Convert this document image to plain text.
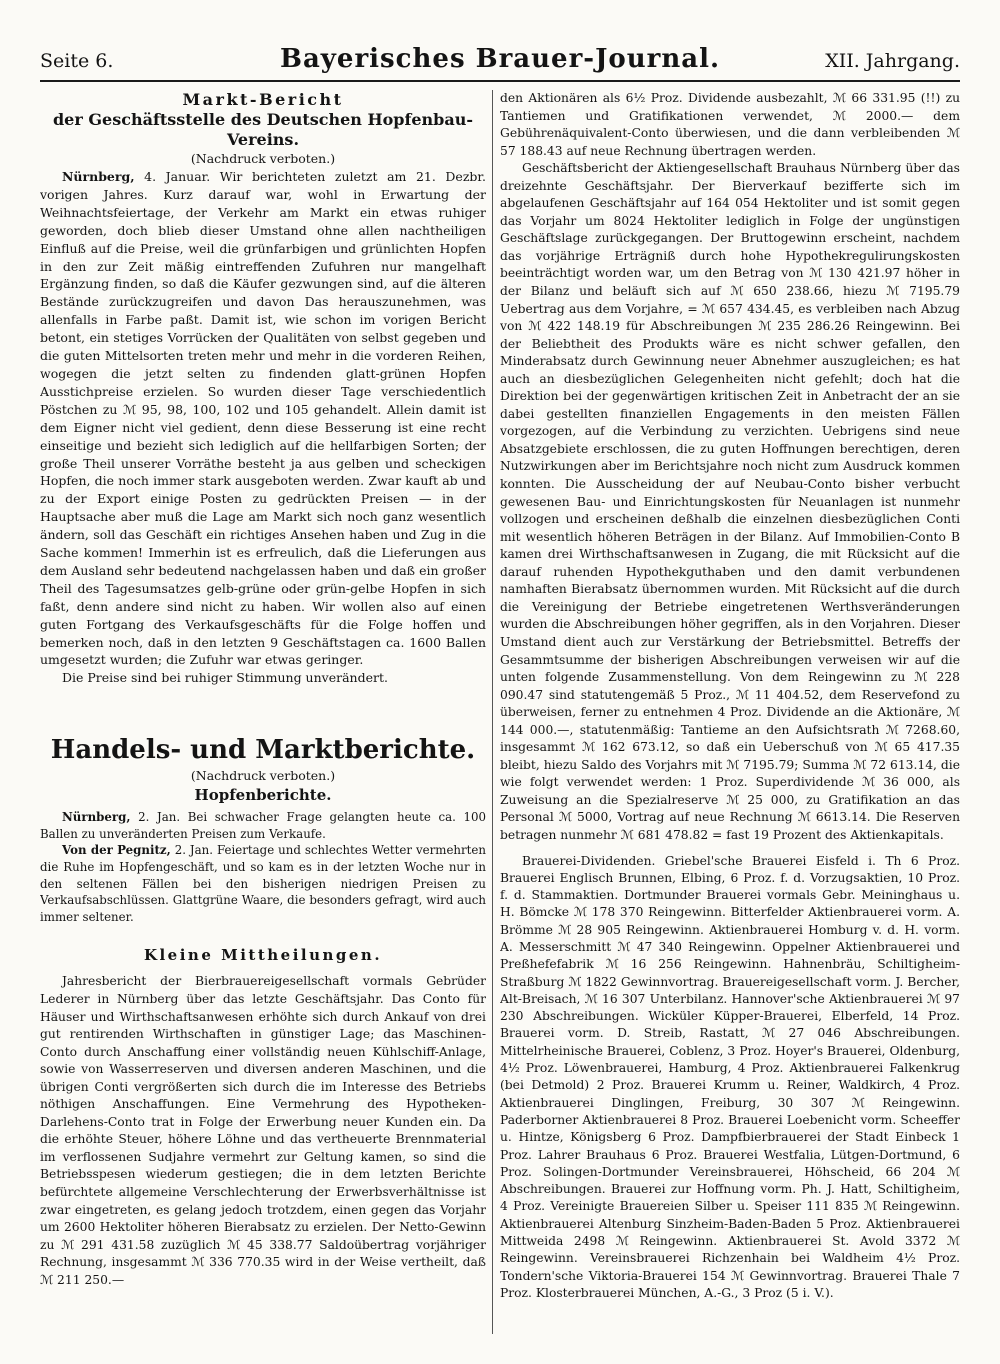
Seite 6.	Bayerisches Brauer-Journal.	XII. Jahrgang.
Markt-Bericht
der Geschäftsstelle des Deutschen Hopfenbau-Vereins.
(Nachdruck verboten.)

Nürnberg, 4. Januar. Wir berichteten zuletzt am 21. Dezbr. vorigen Jahres. Kurz darauf war, wohl in Erwartung der Weihnachtsfeiertage, der Verkehr am Markt ein etwas ruhiger geworden, doch blieb dieser Umstand ohne allen nachtheiligen Einfluß auf die Preise, weil die grünfarbigen und grünlichten Hopfen in den zur Zeit mäßig eintreffenden Zufuhren nur mangelhaft Ergänzung finden, so daß die Käufer gezwungen sind, auf die älteren Bestände zurückzugreifen und davon Das herauszunehmen, was allenfalls in Farbe paßt. Damit ist, wie schon im vorigen Bericht betont, ein stetiges Vorrücken der Qualitäten von selbst gegeben und die guten Mittelsorten treten mehr und mehr in die vorderen Reihen, wogegen die jetzt selten zu findenden glatt-grünen Hopfen Ausstichpreise erzielen. So wurden dieser Tage verschiedentlich Pöstchen zu ℳ 95, 98, 100, 102 und 105 gehandelt. Allein damit ist dem Eigner nicht viel gedient, denn diese Besserung ist eine recht einseitige und bezieht sich lediglich auf die hellfarbigen Sorten; der große Theil unserer Vorräthe besteht ja aus gelben und scheckigen Hopfen, die noch immer stark ausgeboten werden. Zwar kauft ab und zu der Export einige Posten zu gedrückten Preisen — in der Hauptsache aber muß die Lage am Markt sich noch ganz wesentlich ändern, soll das Geschäft ein richtiges Ansehen haben und Zug in die Sache kommen! Immerhin ist es erfreulich, daß die Lieferungen aus dem Ausland sehr bedeutend nachgelassen haben und daß ein großer Theil des Tagesumsatzes gelb-grüne oder grün-gelbe Hopfen in sich faßt, denn andere sind nicht zu haben. Wir wollen also auf einen guten Fortgang des Verkaufsgeschäfts für die Folge hoffen und bemerken noch, daß in den letzten 9 Geschäftstagen ca. 1600 Ballen umgesetzt wurden; die Zufuhr war etwas geringer.

Die Preise sind bei ruhiger Stimmung unverändert.

Handels- und Marktberichte.
(Nachdruck verboten.)
Hopfenberichte.

Nürnberg, 2. Jan. Bei schwacher Frage gelangten heute ca. 100 Ballen zu unveränderten Preisen zum Verkaufe.

Von der Pegnitz, 2. Jan. Feiertage und schlechtes Wetter vermehrten die Ruhe im Hopfengeschäft, und so kam es in der letzten Woche nur in den seltenen Fällen bei den bisherigen niedrigen Preisen zu Verkaufsabschlüssen. Glattgrüne Waare, die besonders gefragt, wird auch immer seltener.

Kleine Mittheilungen.

Jahresbericht der Bierbrauereigesellschaft vormals Gebrüder Lederer in Nürnberg über das letzte Geschäftsjahr. Das Conto für Häuser und Wirthschaftsanwesen erhöhte sich durch Ankauf von drei gut rentirenden Wirthschaften in günstiger Lage; das Maschinen-Conto durch Anschaffung einer vollständig neuen Kühlschiff-Anlage, sowie von Wasserreserven und diversen anderen Maschinen, und die übrigen Conti vergrößerten sich durch die im Interesse des Betriebs nöthigen Anschaffungen. Eine Vermehrung des Hypotheken-Darlehens-Conto trat in Folge der Erwerbung neuer Kunden ein. Da die erhöhte Steuer, höhere Löhne und das vertheuerte Brennmaterial im verflossenen Sudjahre vermehrt zur Geltung kamen, so sind die Betriebsspesen wiederum gestiegen; die in dem letzten Berichte befürchtete allgemeine Verschlechterung der Erwerbsverhältnisse ist zwar eingetreten, es gelang jedoch trotzdem, einen gegen das Vorjahr um 2600 Hektoliter höheren Bierabsatz zu erzielen. Der Netto-Gewinn zu ℳ 291 431.58 zuzüglich ℳ 45 338.77 Saldoübertrag vorjähriger Rechnung, insgesammt ℳ 336 770.35 wird in der Weise vertheilt, daß ℳ 211 250.—

den Aktionären als 6½ Proz. Dividende ausbezahlt, ℳ 66 331.95 (!!) zu Tantiemen und Gratifikationen verwendet, ℳ 2000.— dem Gebührenäquivalent-Conto überwiesen, und die dann verbleibenden ℳ 57 188.43 auf neue Rechnung übertragen werden.

Geschäftsbericht der Aktiengesellschaft Brauhaus Nürnberg über das dreizehnte Geschäftsjahr. Der Bierverkauf bezifferte sich im abgelaufenen Geschäftsjahr auf 164 054 Hektoliter und ist somit gegen das Vorjahr um 8024 Hektoliter lediglich in Folge der ungünstigen Geschäftslage zurückgegangen. Der Bruttogewinn erscheint, nachdem das vorjährige Erträgniß durch hohe Hypothekregulirungskosten beeinträchtigt worden war, um den Betrag von ℳ 130 421.97 höher in der Bilanz und beläuft sich auf ℳ 650 238.66, hiezu ℳ 7195.79 Uebertrag aus dem Vorjahre, = ℳ 657 434.45, es verbleiben nach Abzug von ℳ 422 148.19 für Abschreibungen ℳ 235 286.26 Reingewinn. Bei der Beliebtheit des Produkts wäre es nicht schwer gefallen, den Minderabsatz durch Gewinnung neuer Abnehmer auszugleichen; es hat auch an diesbezüglichen Gelegenheiten nicht gefehlt; doch hat die Direktion bei der gegenwärtigen kritischen Zeit in Anbetracht der an sie dabei gestellten finanziellen Engagements in den meisten Fällen vorgezogen, auf die Verbindung zu verzichten. Uebrigens sind neue Absatzgebiete erschlossen, die zu guten Hoffnungen berechtigen, deren Nutzwirkungen aber im Berichtsjahre noch nicht zum Ausdruck kommen konnten. Die Ausscheidung der auf Neubau-Conto bisher verbucht gewesenen Bau- und Einrichtungskosten für Neuanlagen ist nunmehr vollzogen und erscheinen deßhalb die einzelnen diesbezüglichen Conti mit wesentlich höheren Beträgen in der Bilanz. Auf Immobilien-Conto B kamen drei Wirthschaftsanwesen in Zugang, die mit Rücksicht auf die darauf ruhenden Hypothekguthaben und den damit verbundenen namhaften Bierabsatz übernommen wurden. Mit Rücksicht auf die durch die Vereinigung der Betriebe eingetretenen Werthsveränderungen wurden die Abschreibungen höher gegriffen, als in den Vorjahren. Dieser Umstand dient auch zur Verstärkung der Betriebsmittel. Betreffs der Gesammtsumme der bisherigen Abschreibungen verweisen wir auf die unten folgende Zusammenstellung. Von dem Reingewinn zu ℳ 228 090.47 sind statutengemäß 5 Proz., ℳ 11 404.52, dem Reservefond zu überweisen, ferner zu entnehmen 4 Proz. Dividende an die Aktionäre, ℳ 144 000.—, statutenmäßig: Tantieme an den Aufsichtsrath ℳ 7268.60, insgesammt ℳ 162 673.12, so daß ein Ueberschuß von ℳ 65 417.35 bleibt, hiezu Saldo des Vorjahrs mit ℳ 7195.79; Summa ℳ 72 613.14, die wie folgt verwendet werden: 1 Proz. Superdividende ℳ 36 000, als Zuweisung an die Spezialreserve ℳ 25 000, zu Gratifikation an das Personal ℳ 5000, Vortrag auf neue Rechnung ℳ 6613.14. Die Reserven betragen nunmehr ℳ 681 478.82 = fast 19 Prozent des Aktienkapitals.

Brauerei-Dividenden. Griebel'sche Brauerei Eisfeld i. Th 6 Proz. Brauerei Englisch Brunnen, Elbing, 6 Proz. f. d. Vorzugsaktien, 10 Proz. f. d. Stammaktien. Dortmunder Brauerei vormals Gebr. Meininghaus u. H. Bömcke ℳ 178 370 Reingewinn. Bitterfelder Aktienbrauerei vorm. A. Brömme ℳ 28 905 Reingewinn. Aktienbrauerei Homburg v. d. H. vorm. A. Messerschmitt ℳ 47 340 Reingewinn. Oppelner Aktienbrauerei und Preßhefefabrik ℳ 16 256 Reingewinn. Hahnenbräu, Schiltigheim-Straßburg ℳ 1822 Gewinnvortrag. Brauereigesellschaft vorm. J. Bercher, Alt-Breisach, ℳ 16 307 Unterbilanz. Hannover'sche Aktienbrauerei ℳ 97 230 Abschreibungen. Wicküler Küpper-Brauerei, Elberfeld, 14 Proz. Brauerei vorm. D. Streib, Rastatt, ℳ 27 046 Abschreibungen. Mittelrheinische Brauerei, Coblenz, 3 Proz. Hoyer's Brauerei, Oldenburg, 4½ Proz. Löwenbrauerei, Hamburg, 4 Proz. Aktienbrauerei Falkenkrug (bei Detmold) 2 Proz. Brauerei Krumm u. Reiner, Waldkirch, 4 Proz. Aktienbrauerei Dinglingen, Freiburg, 30 307 ℳ Reingewinn. Paderborner Aktienbrauerei 8 Proz. Brauerei Loebenicht vorm. Scheeffer u. Hintze, Königsberg 6 Proz. Dampfbierbrauerei der Stadt Einbeck 1 Proz. Lahrer Brauhaus 6 Proz. Brauerei Westfalia, Lütgen-Dortmund, 6 Proz. Solingen-Dortmunder Vereinsbrauerei, Höhscheid, 66 204 ℳ Abschreibungen. Brauerei zur Hoffnung vorm. Ph. J. Hatt, Schiltigheim, 4 Proz. Vereinigte Brauereien Silber u. Speiser 111 835 ℳ Reingewinn. Aktienbrauerei Altenburg Sinzheim-Baden-Baden 5 Proz. Aktienbrauerei Mittweida 2498 ℳ Reingewinn. Aktienbrauerei St. Avold 3372 ℳ Reingewinn. Vereinsbrauerei Richzenhain bei Waldheim 4½ Proz. Tondern'sche Viktoria-Brauerei 154 ℳ Gewinnvortrag. Brauerei Thale 7 Proz. Klosterbrauerei München, A.-G., 3 Proz (5 i. V.).
